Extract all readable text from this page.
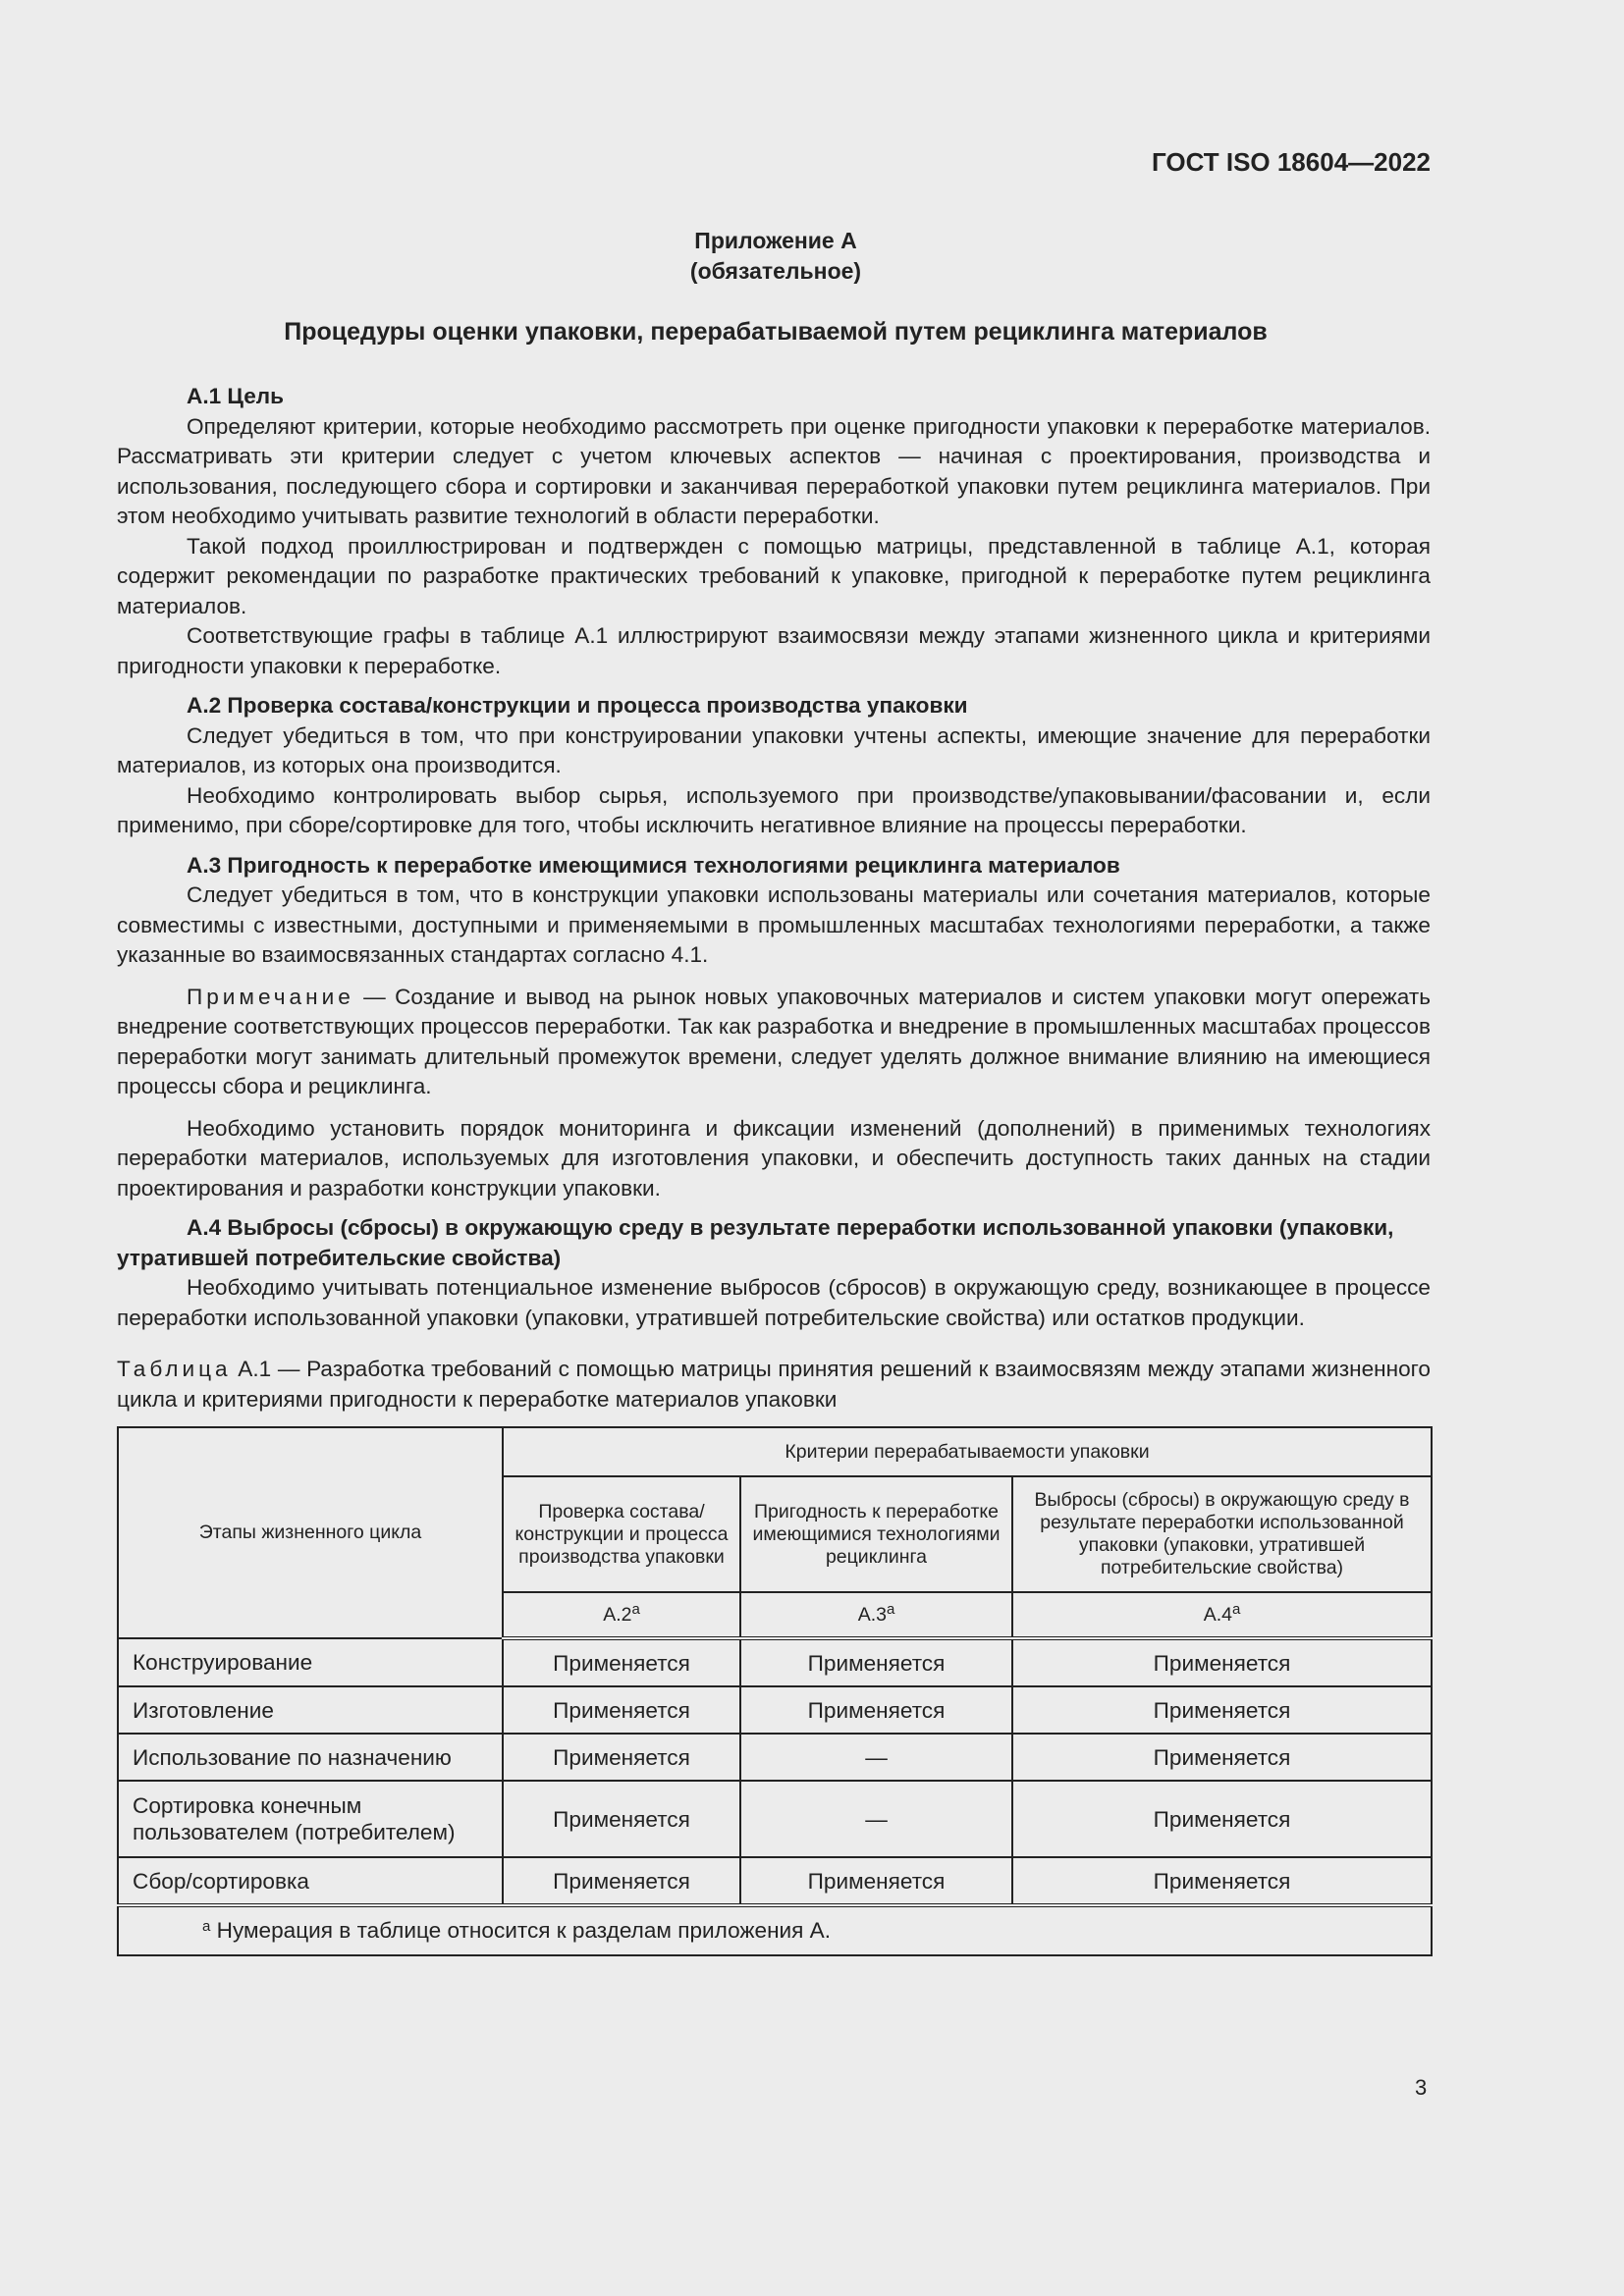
ГОСТ ISO 18604—2022
Приложение А
(обязательное)
Процедуры оценки упаковки, перерабатываемой путем рециклинга материалов
А.1 Цель

Определяют критерии, которые необходимо рассмотреть при оценке пригодности упаковки к переработке материалов. Рассматривать эти критерии следует с учетом ключевых аспектов — начиная с проектирования, производства и использования, последующего сбора и сортировки и заканчивая переработкой упаковки путем рециклинга материалов. При этом необходимо учитывать развитие технологий в области переработки.

Такой подход проиллюстрирован и подтвержден с помощью матрицы, представленной в таблице А.1, которая содержит рекомендации по разработке практических требований к упаковке, пригодной к переработке путем рециклинга материалов.

Соответствующие графы в таблице А.1 иллюстрируют взаимосвязи между этапами жизненного цикла и критериями пригодности упаковки к переработке.

А.2 Проверка состава/конструкции и процесса производства упаковки

Следует убедиться в том, что при конструировании упаковки учтены аспекты, имеющие значение для переработки материалов, из которых она производится.

Необходимо контролировать выбор сырья, используемого при производстве/упаковывании/фасовании и, если применимо, при сборе/сортировке для того, чтобы исключить негативное влияние на процессы переработки.

А.3 Пригодность к переработке имеющимися технологиями рециклинга материалов

Следует убедиться в том, что в конструкции упаковки использованы материалы или сочетания материалов, которые совместимы с известными, доступными и применяемыми в промышленных масштабах технологиями переработки, а также указанные во взаимосвязанных стандартах согласно 4.1.

Примечание — Создание и вывод на рынок новых упаковочных материалов и систем упаковки могут опережать внедрение соответствующих процессов переработки. Так как разработка и внедрение в промышленных масштабах процессов переработки могут занимать длительный промежуток времени, следует уделять должное внимание влиянию на имеющиеся процессы сбора и рециклинга.

Необходимо установить порядок мониторинга и фиксации изменений (дополнений) в применимых технологиях переработки материалов, используемых для изготовления упаковки, и обеспечить доступность таких данных на стадии проектирования и разработки конструкции упаковки.

А.4 Выбросы (сбросы) в окружающую среду в результате переработки использованной упаковки (упаковки, утратившей потребительские свойства)

Необходимо учитывать потенциальное изменение выбросов (сбросов) в окружающую среду, возникающее в процессе переработки использованной упаковки (упаковки, утратившей потребительские свойства) или остатков продукции.

Таблица А.1 — Разработка требований с помощью матрицы принятия решений к взаимосвязям между этапами жизненного цикла и критериями пригодности к переработке материалов упаковки

Этапы жизненного цикла	Критерии перерабатываемости упаковки		
	Проверка состава/ конструкции и процесса производства упаковки	Пригодность к переработке имеющимися технологиями рециклинга	Выбросы (сбросы) в окружающую среду в результате переработки использованной упаковки (упаковки, утратившей потребительские свойства)
	$А.2^а$	$А.3^а$	$А.4^а$
Конструирование	Применяется	Применяется	Применяется
Изготовление	Применяется	Применяется	Применяется
Использование по назначению	Применяется	—	Применяется
Сортировка конечным пользователем (потребителем)	Применяется	—	Применяется
Сбор/сортировка	Применяется	Применяется	Применяется
$^а$ Нумерация в таблице относится к разделам приложения А.			
3
